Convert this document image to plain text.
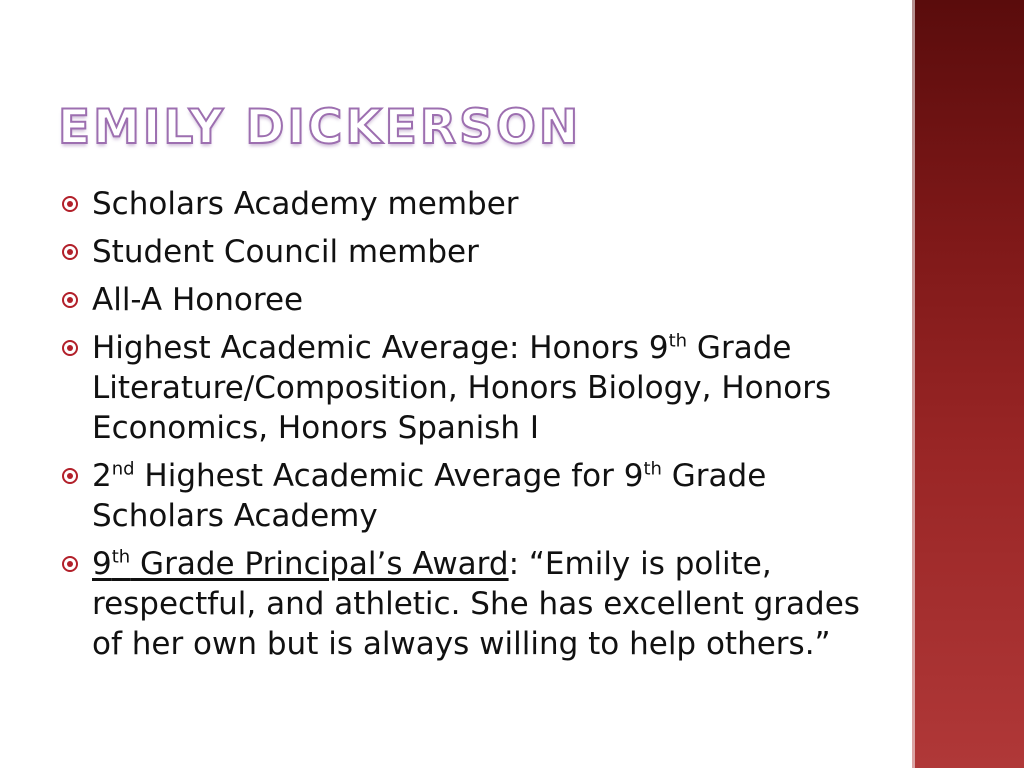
EMILY DICKERSON
Scholars Academy member
Student Council member
All-A Honoree
Highest Academic Average: Honors 9th Grade Literature/Composition, Honors Biology, Honors Economics, Honors Spanish I
2nd Highest Academic Average for 9th Grade Scholars Academy
9th Grade Principal’s Award: “Emily is polite, respectful, and athletic. She has excellent grades of her own but is always willing to help others.”
